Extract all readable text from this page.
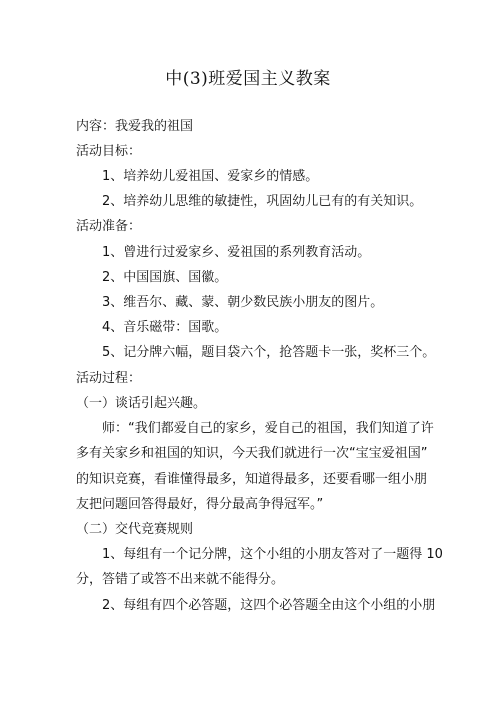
中(3)班爱国主义教案
内容：我爱我的祖国
活动目标：
1、培养幼儿爱祖国、爱家乡的情感。
2、培养幼儿思维的敏捷性，巩固幼儿已有的有关知识。
活动准备：
1、曾进行过爱家乡、爱祖国的系列教育活动。
2、中国国旗、国徽。
3、维吾尔、藏、蒙、朝少数民族小朋友的图片。
4、音乐磁带：国歌。
5、记分牌六幅，题目袋六个，抢答题卡一张，奖杯三个。
活动过程：
（一）谈话引起兴趣。
师：“我们都爱自己的家乡，爱自己的祖国，我们知道了许
多有关家乡和祖国的知识，今天我们就进行一次“宝宝爱祖国”
的知识竞赛，看谁懂得最多，知道得最多，还要看哪一组小朋
友把问题回答得最好，得分最高争得冠军。”
（二）交代竞赛规则
1、每组有一个记分牌，这个小组的小朋友答对了一题得 10
分，答错了或答不出来就不能得分。
2、每组有四个必答题，这四个必答题全由这个小组的小朋
